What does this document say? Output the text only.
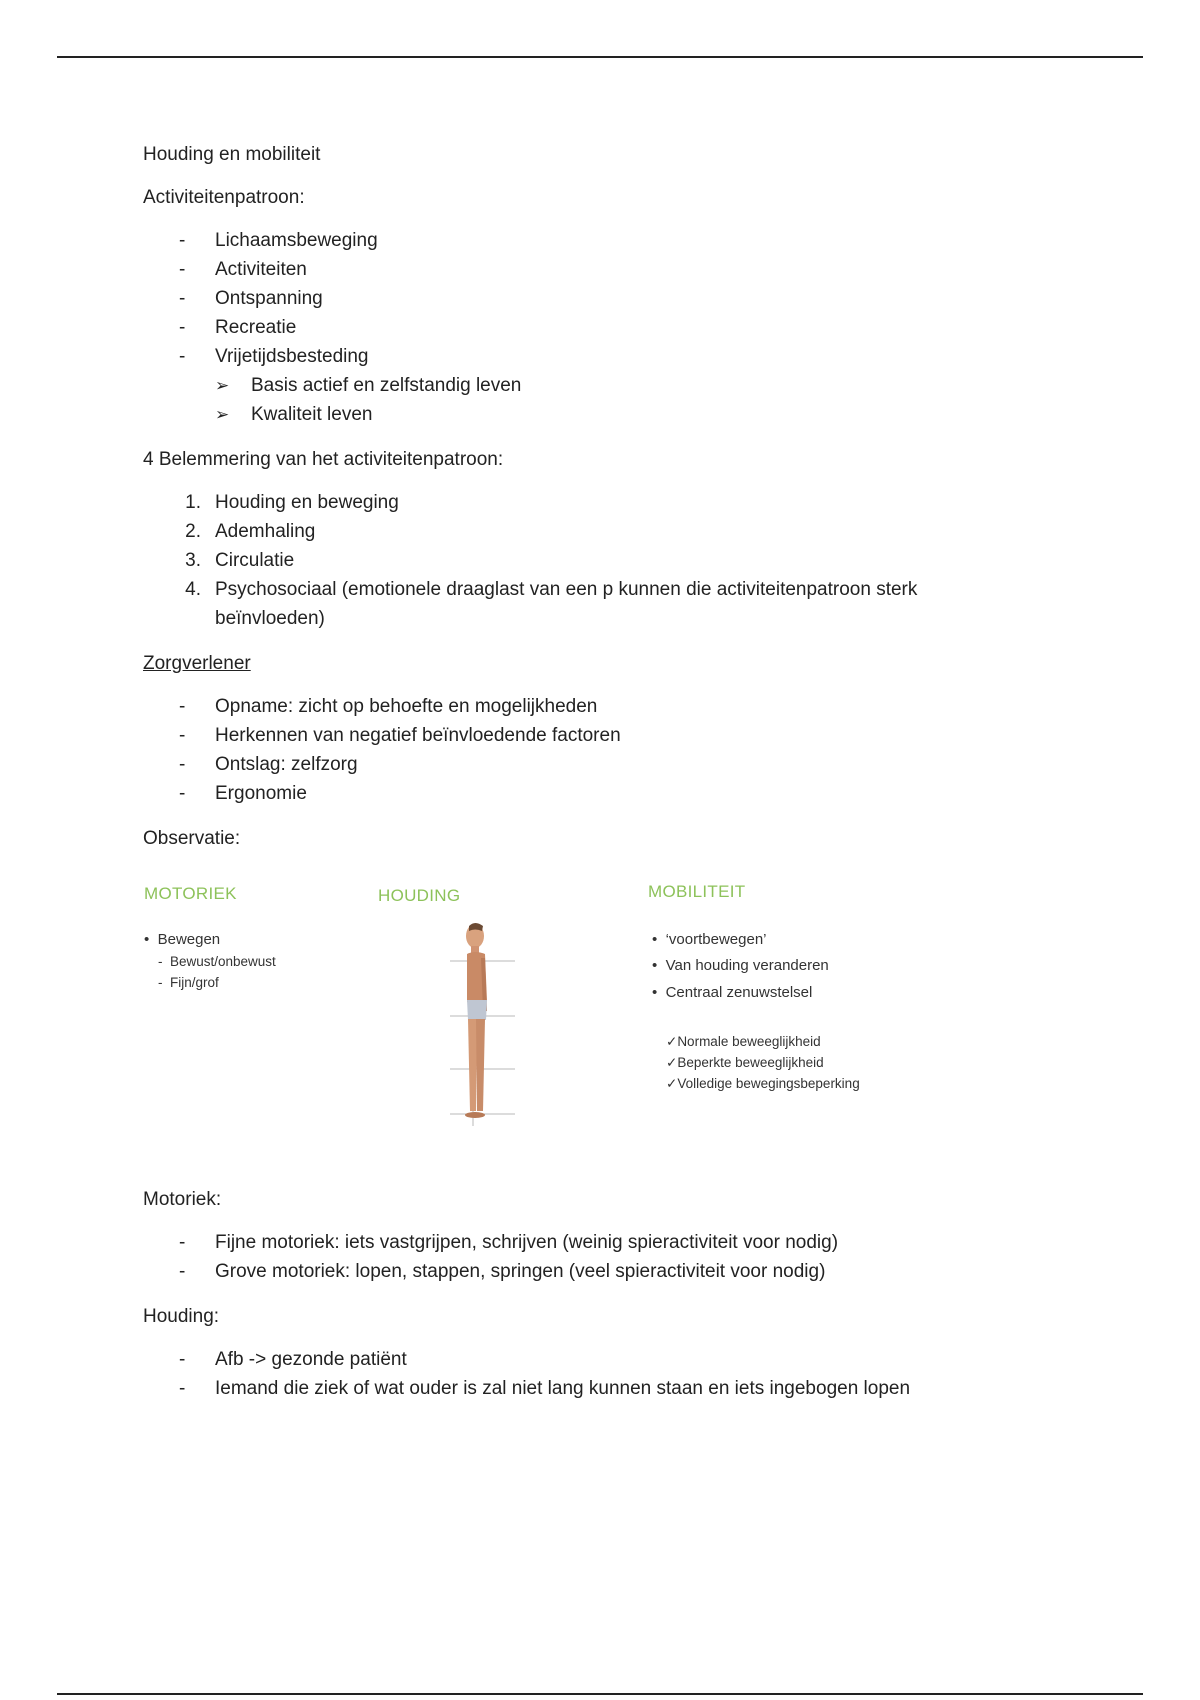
Houding en mobiliteit

Activiteitenpatroon:

- Lichaamsbeweging
- Activiteiten
- Ontspanning
- Recreatie
- Vrijetijdsbesteding
➢ Basis actief en zelfstandig leven
➢ Kwaliteit leven

4 Belemmering van het activiteitenpatroon:

1. Houding en beweging
2. Ademhaling
3. Circulatie
4. Psychosociaal (emotionele draaglast van een p kunnen die activiteitenpatroon sterk beïnvloeden)

Zorgverlener

- Opname: zicht op behoefte en mogelijkheden
- Herkennen van negatief beïnvloedende factoren
- Ontslag: zelfzorg
- Ergonomie

Observatie:

MOTORIEK	HOUDING	MOBILITEIT
•  Bewegen
-  Bewust/onbewust
-  Fijn/grof
•  ‘voortbewegen’
•  Van houding veranderen
•  Centraal zenuwstelsel
✓Normale beweeglijkheid
✓Beperkte beweeglijkheid
✓Volledige bewegingsbeperking

Motoriek:

- Fijne motoriek: iets vastgrijpen, schrijven (weinig spieractiviteit voor nodig)
- Grove motoriek: lopen, stappen, springen (veel spieractiviteit voor nodig)

Houding:

- Afb -> gezonde patiënt
- Iemand die ziek of wat ouder is zal niet lang kunnen staan en iets ingebogen lopen
